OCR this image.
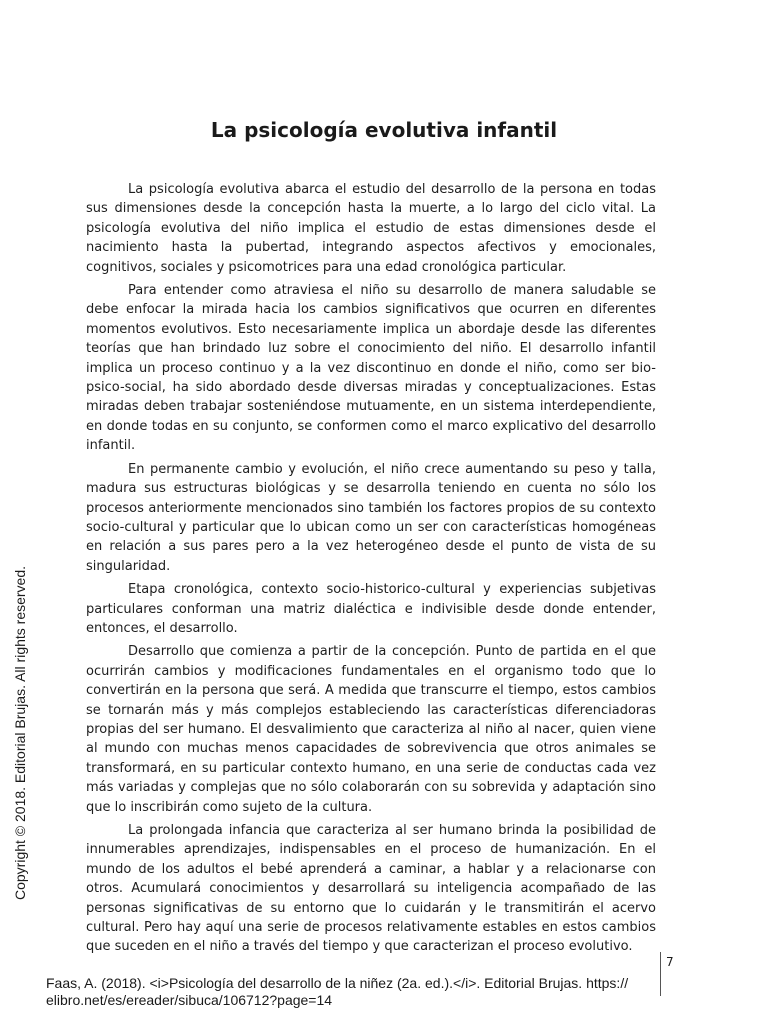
La psicología evolutiva infantil

La psicología evolutiva abarca el estudio del desarrollo de la persona en todas sus dimensiones desde la concepción hasta la muerte, a lo largo del ciclo vital. La psicología evolutiva del niño implica el estudio de estas dimensiones desde el nacimiento hasta la pubertad, integrando aspectos afectivos y emocionales, cognitivos, sociales y psicomotrices para una edad cronológica particular.

Para entender como atraviesa el niño su desarrollo de manera saludable se debe enfocar la mirada hacia los cambios significativos que ocurren en diferentes momentos evolutivos. Esto necesariamente implica un abordaje desde las diferentes teorías que han brindado luz sobre el conocimiento del niño. El desarrollo infantil implica un proceso continuo y a la vez discontinuo en donde el niño, como ser bio-psico-social, ha sido abordado desde diversas miradas y conceptualizaciones. Estas miradas deben trabajar sosteniéndose mutuamente, en un sistema interdependiente, en donde todas en su conjunto, se conformen como el marco explicativo del desarrollo infantil.

En permanente cambio y evolución, el niño crece aumentando su peso y talla, madura sus estructuras biológicas y se desarrolla teniendo en cuenta no sólo los procesos anteriormente mencionados sino también los factores propios de su contexto socio-cultural y particular que lo ubican como un ser con características homogéneas en relación a sus pares pero a la vez heterogéneo desde el punto de vista de su singularidad.

Etapa cronológica, contexto socio-historico-cultural y experiencias subjetivas particulares conforman una matriz dialéctica e indivisible desde donde entender, entonces, el desarrollo.

Desarrollo que comienza a partir de la concepción. Punto de partida en el que ocurrirán cambios y modificaciones fundamentales en el organismo todo que lo convertirán en la persona que será. A medida que transcurre el tiempo, estos cambios se tornarán más y más complejos estableciendo las características diferenciadoras propias del ser humano. El desvalimiento que caracteriza al niño al nacer, quien viene al mundo con muchas menos capacidades de sobrevivencia que otros animales se transformará, en su particular contexto humano, en una serie de conductas cada vez más variadas y complejas que no sólo colaborarán con su sobrevida y adaptación sino que lo inscribirán como sujeto de la cultura.

La prolongada infancia que caracteriza al ser humano brinda la posibilidad de innumerables aprendizajes, indispensables en el proceso de humanización. En el mundo de los adultos el bebé aprenderá a caminar, a hablar y a relacionarse con otros. Acumulará conocimientos y desarrollará su inteligencia acompañado de las personas significativas de su entorno que lo cuidarán y le transmitirán el acervo cultural. Pero hay aquí una serie de procesos relativamente estables en estos cambios que suceden en el niño a través del tiempo y que caracterizan el proceso evolutivo.

Copyright © 2018. Editorial Brujas. All rights reserved.
7
Faas, A. (2018). <i>Psicología del desarrollo de la niñez (2a. ed.).</i>. Editorial Brujas. https://
elibro.net/es/ereader/sibuca/106712?page=14
